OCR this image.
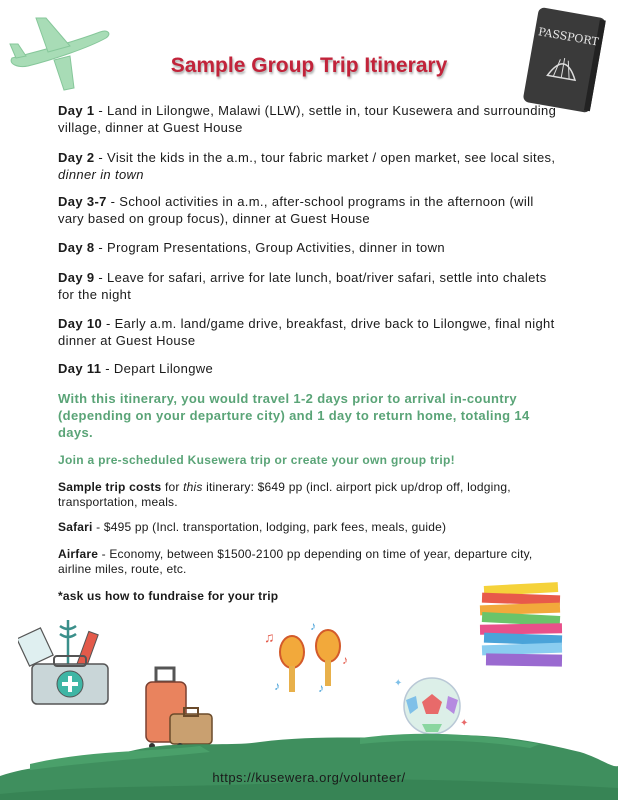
PASSPORT
Sample Group Trip Itinerary
Day 1 - Land in Lilongwe, Malawi (LLW), settle in, tour Kusewera and surrounding village, dinner at Guest House
Day 2 - Visit the kids in the a.m., tour fabric market / open market, see local sites, dinner in town
Day 3-7 - School activities in a.m., after-school programs in the afternoon (will vary based on group focus), dinner at Guest House
Day 8 - Program Presentations, Group Activities, dinner in town
Day 9 - Leave for safari, arrive for late lunch, boat/river safari, settle into chalets for the night
Day 10 - Early a.m. land/game drive, breakfast, drive back to Lilongwe, final night dinner at Guest House
Day 11 - Depart Lilongwe
With this itinerary, you would travel 1-2 days prior to arrival in-country (depending on your departure city) and 1 day to return home, totaling 14 days.
Join a pre-scheduled Kusewera trip or create your own group trip!
Sample trip costs for this itinerary: $649 pp (incl. airport pick up/drop off, lodging, transportation, meals.
Safari - $495 pp (Incl. transportation, lodging, park fees, meals, guide)
Airfare - Economy, between $1500-2100 pp depending on time of year, departure city, airline miles, route, etc.
*ask us how to fundraise for your trip
♫
♪
♪
♪	♪	✦
✦
https://kusewera.org/volunteer/
